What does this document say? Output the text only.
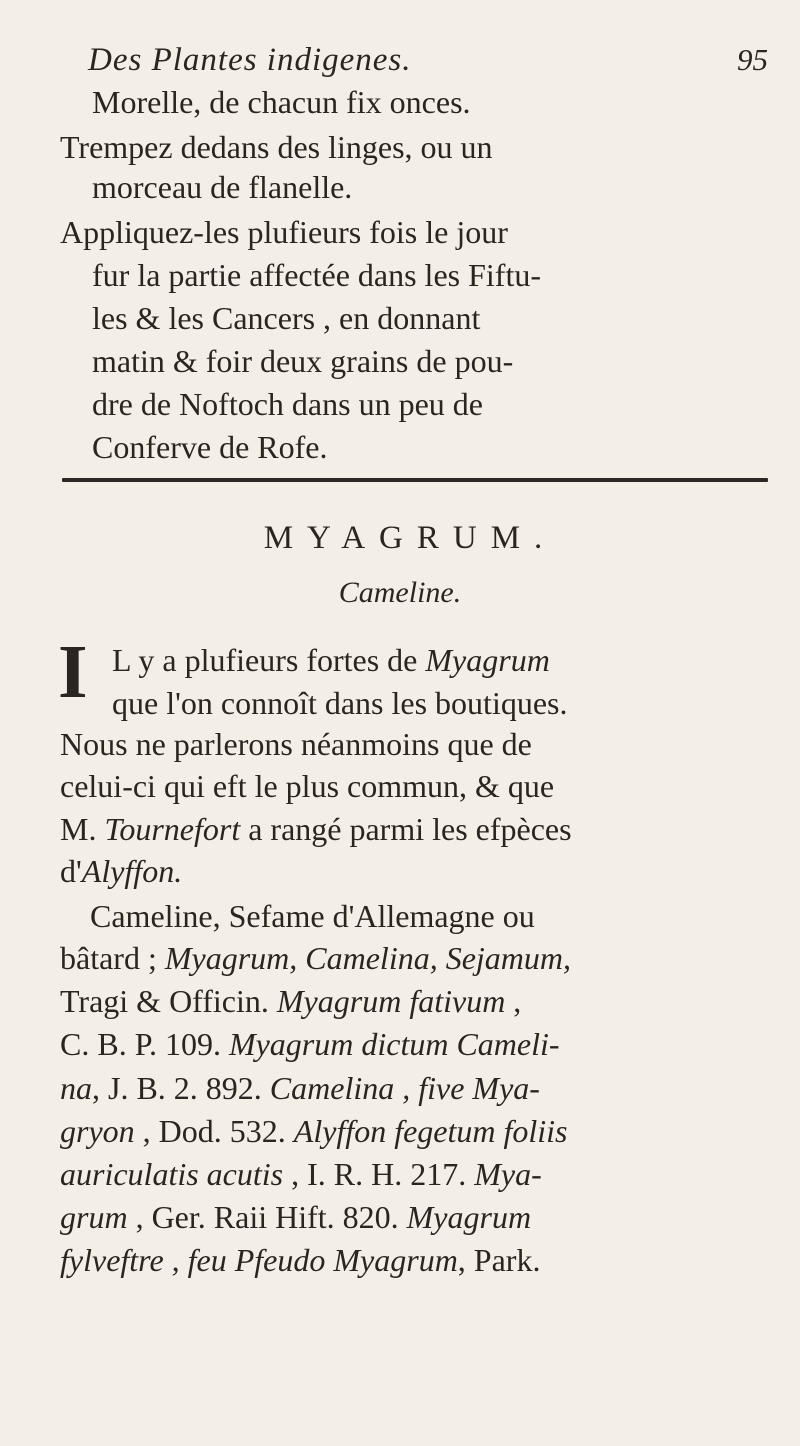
Des Plantes indigenes.	95
Morelle, de chacun fix onces.
Trempez dedans des linges, ou un
morceau de flanelle.
Appliquez-les plufieurs fois le jour
fur la partie affectée dans les Fiftu-
les & les Cancers , en donnant
matin & foir deux grains de pou-
dre de Noftoch dans un peu de
Conferve de Rofe.
MYAGRUM.
Cameline.
I L y a plufieurs fortes de Myagrum
que l'on connoît dans les boutiques.
Nous ne parlerons néanmoins que de
celui-ci qui eft le plus commun, & que
M. Tournefort a rangé parmi les efpèces
d'Alyffon.
Cameline, Sefame d'Allemagne ou
bâtard ; Myagrum, Camelina, Sejamum,
Tragi & Officin. Myagrum fativum ,
C. B. P. 109. Myagrum dictum Cameli-
na, J. B. 2. 892. Camelina , five Mya-
gryon , Dod. 532. Alyffon fegetum foliis
auriculatis acutis , I. R. H. 217. Mya-
grum , Ger. Raii Hift. 820. Myagrum
fylveftre , feu Pfeudo Myagrum, Park.
